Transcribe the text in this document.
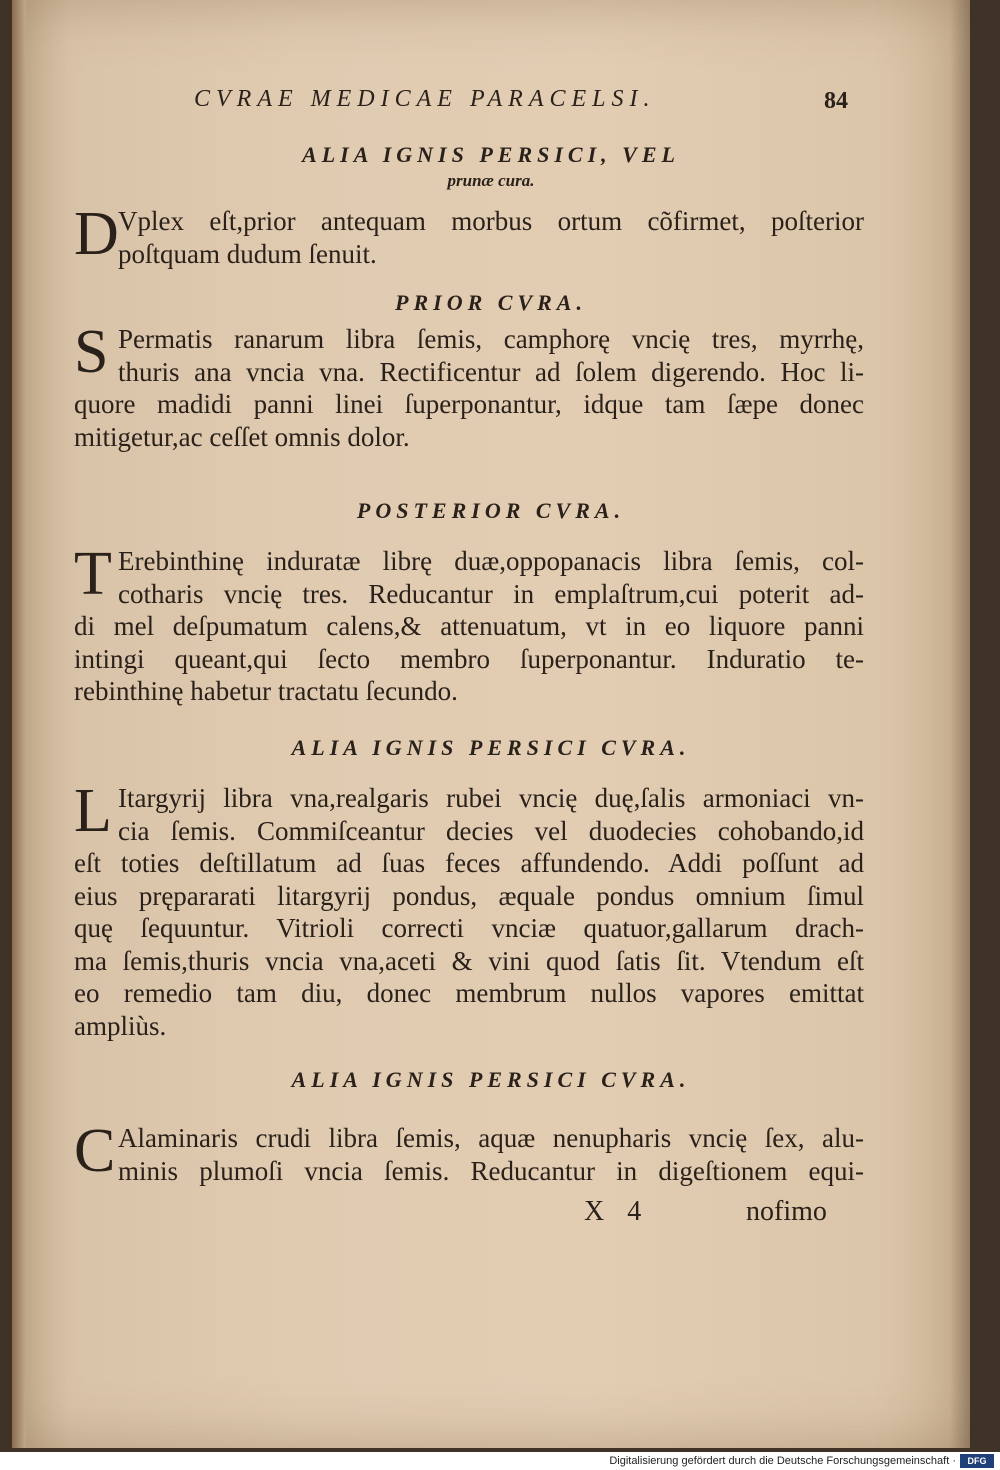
CVRAE MEDICAE PARACELSI.	84
ALIA IGNIS PERSICI, VEL
prunæ cura.
D Vplex eſt,prior antequam morbus ortum cõfirmet, poſterior
poſtquam dudum ſenuit.
PRIOR CVRA.
S Permatis ranarum libra ſemis, camphorę vncię tres, myrrhę,
thuris ana vncia vna. Rectificentur ad ſolem digerendo. Hoc li-
quore madidi panni linei ſuperponantur, idque tam ſæpe donec
mitigetur,ac ceſſet omnis dolor.
POSTERIOR CVRA.
T Erebinthinę induratæ librę duæ,oppopanacis libra ſemis, col-
cotharis vncię tres. Reducantur in emplaſtrum,cui poterit ad-
di mel deſpumatum calens,& attenuatum, vt in eo liquore panni
intingi queant,qui ſecto membro ſuperponantur. Induratio te-
rebinthinę habetur tractatu ſecundo.
ALIA IGNIS PERSICI CVRA.
L Itargyrij libra vna,realgaris rubei vncię duę,ſalis armoniaci vn-
cia ſemis. Commiſceantur decies vel duodecies cohobando,id
eſt toties deſtillatum ad ſuas feces affundendo. Addi poſſunt ad
eius prępararati litargyrij pondus, æquale pondus omnium ſimul
quę ſequuntur. Vitrioli correcti vnciæ quatuor,gallarum drach-
ma ſemis,thuris vncia vna,aceti & vini quod ſatis ſit. Vtendum eſt
eo remedio tam diu, donec membrum nullos vapores emittat
ampliùs.
ALIA IGNIS PERSICI CVRA.
C Alaminaris crudi libra ſemis, aquæ nenupharis vncię ſex, alu-
minis plumoſi vncia ſemis. Reducantur in digeſtionem equi-
X 4	nofimo
Digitalisierung gefördert durch die Deutsche Forschungsgemeinschaft ·	DFG
